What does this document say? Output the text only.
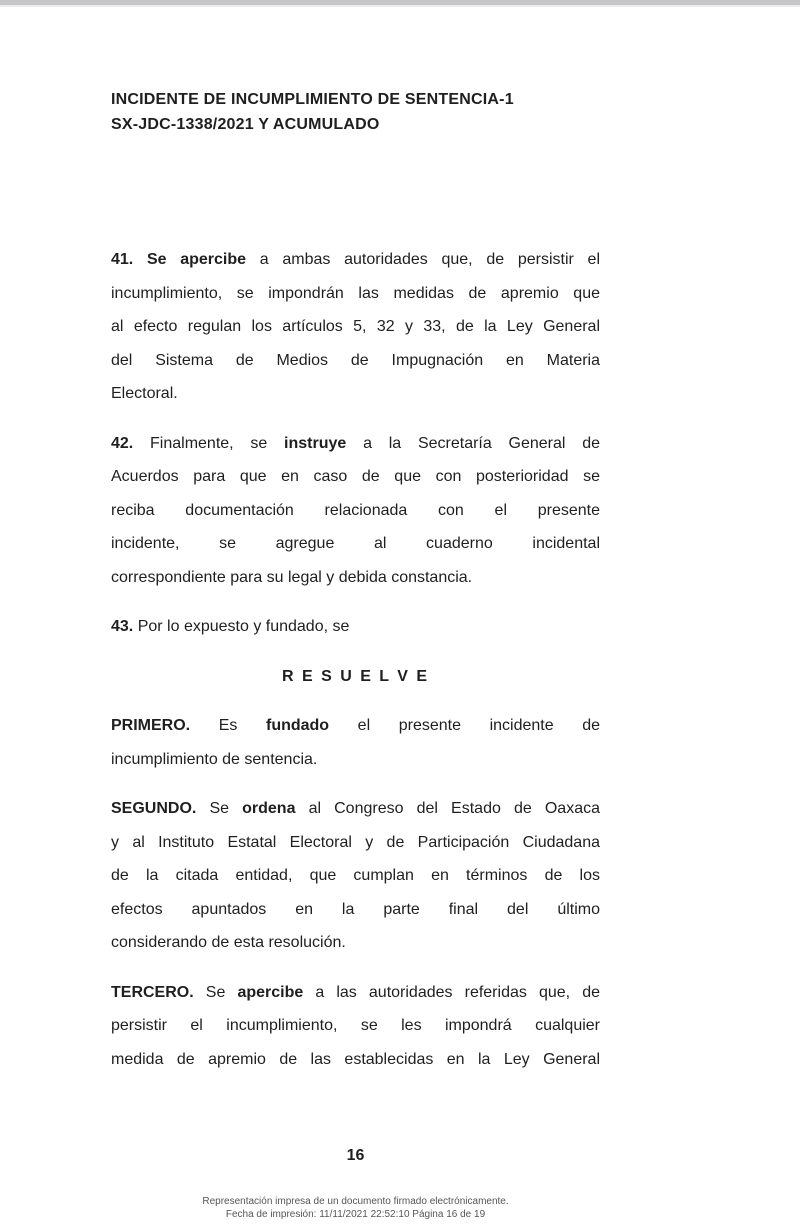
INCIDENTE DE INCUMPLIMIENTO DE SENTENCIA-1
SX-JDC-1338/2021 Y ACUMULADO
41. Se apercibe a ambas autoridades que, de persistir el
incumplimiento, se impondrán las medidas de apremio que
al efecto regulan los artículos 5, 32 y 33, de la Ley General
del Sistema de Medios de Impugnación en Materia
Electoral.
42. Finalmente, se instruye a la Secretaría General de
Acuerdos para que en caso de que con posterioridad se
reciba documentación relacionada con el presente
incidente, se agregue al cuaderno incidental
correspondiente para su legal y debida constancia.
43. Por lo expuesto y fundado, se
R E S U E L V E
PRIMERO. Es fundado el presente incidente de
incumplimiento de sentencia.
SEGUNDO. Se ordena al Congreso del Estado de Oaxaca
y al Instituto Estatal Electoral y de Participación Ciudadana
de la citada entidad, que cumplan en términos de los
efectos apuntados en la parte final del último
considerando de esta resolución.
TERCERO. Se apercibe a las autoridades referidas que, de
persistir el incumplimiento, se les impondrá cualquier
medida de apremio de las establecidas en la Ley General
16
Representación impresa de un documento firmado electrónicamente.
Fecha de impresión: 11/11/2021 22:52:10 Página 16 de 19
